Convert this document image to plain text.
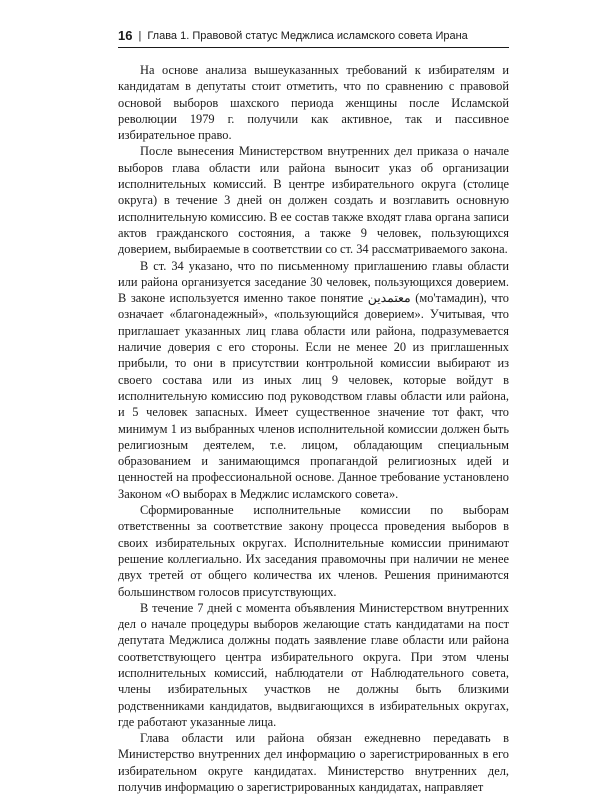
16 | Глава 1. Правовой статус Меджлиса исламского совета Ирана

На основе анализа вышеуказанных требований к избирателям и кандидатам в депутаты стоит отметить, что по сравнению с правовой основой выборов шахского периода женщины после Исламской революции 1979 г. получили как активное, так и пассивное избирательное право.

После вынесения Министерством внутренних дел приказа о начале выборов глава области или района выносит указ об организации исполнительных комиссий. В центре избирательного округа (столице округа) в течение 3 дней он должен создать и возглавить основную исполнительную комиссию. В ее состав также входят глава органа записи актов гражданского состояния, а также 9 человек, пользующихся доверием, выбираемые в соответствии со ст. 34 рассматриваемого закона.

В ст. 34 указано, что по письменному приглашению главы области или района организуется заседание 30 человек, пользующихся доверием. В законе используется именно такое понятие معتمدین (мо'тамадин), что означает «благонадежный», «пользующийся доверием». Учитывая, что приглашает указанных лиц глава области или района, подразумевается наличие доверия с его стороны. Если не менее 20 из приглашенных прибыли, то они в присутствии контрольной комиссии выбирают из своего состава или из иных лиц 9 человек, которые войдут в исполнительную комиссию под руководством главы области или района, и 5 человек запасных. Имеет существенное значение тот факт, что минимум 1 из выбранных членов исполнительной комиссии должен быть религиозным деятелем, т.е. лицом, обладающим специальным образованием и занимающимся пропагандой религиозных идей и ценностей на профессиональной основе. Данное требование установлено Законом «О выборах в Меджлис исламского совета».

Сформированные исполнительные комиссии по выборам ответственны за соответствие закону процесса проведения выборов в своих избирательных округах. Исполнительные комиссии принимают решение коллегиально. Их заседания правомочны при наличии не менее двух третей от общего количества их членов. Решения принимаются большинством голосов присутствующих.

В течение 7 дней с момента объявления Министерством внутренних дел о начале процедуры выборов желающие стать кандидатами на пост депутата Меджлиса должны подать заявление главе области или района соответствующего центра избирательного округа. При этом члены исполнительных комиссий, наблюдатели от Наблюдательного совета, члены избирательных участков не должны быть близкими родственниками кандидатов, выдвигающихся в избирательных округах, где работают указанные лица.

Глава области или района обязан ежедневно передавать в Министерство внутренних дел информацию о зарегистрированных в его избирательном округе кандидатах. Министерство внутренних дел, получив информацию о зарегистрированных кандидатах, направляет
